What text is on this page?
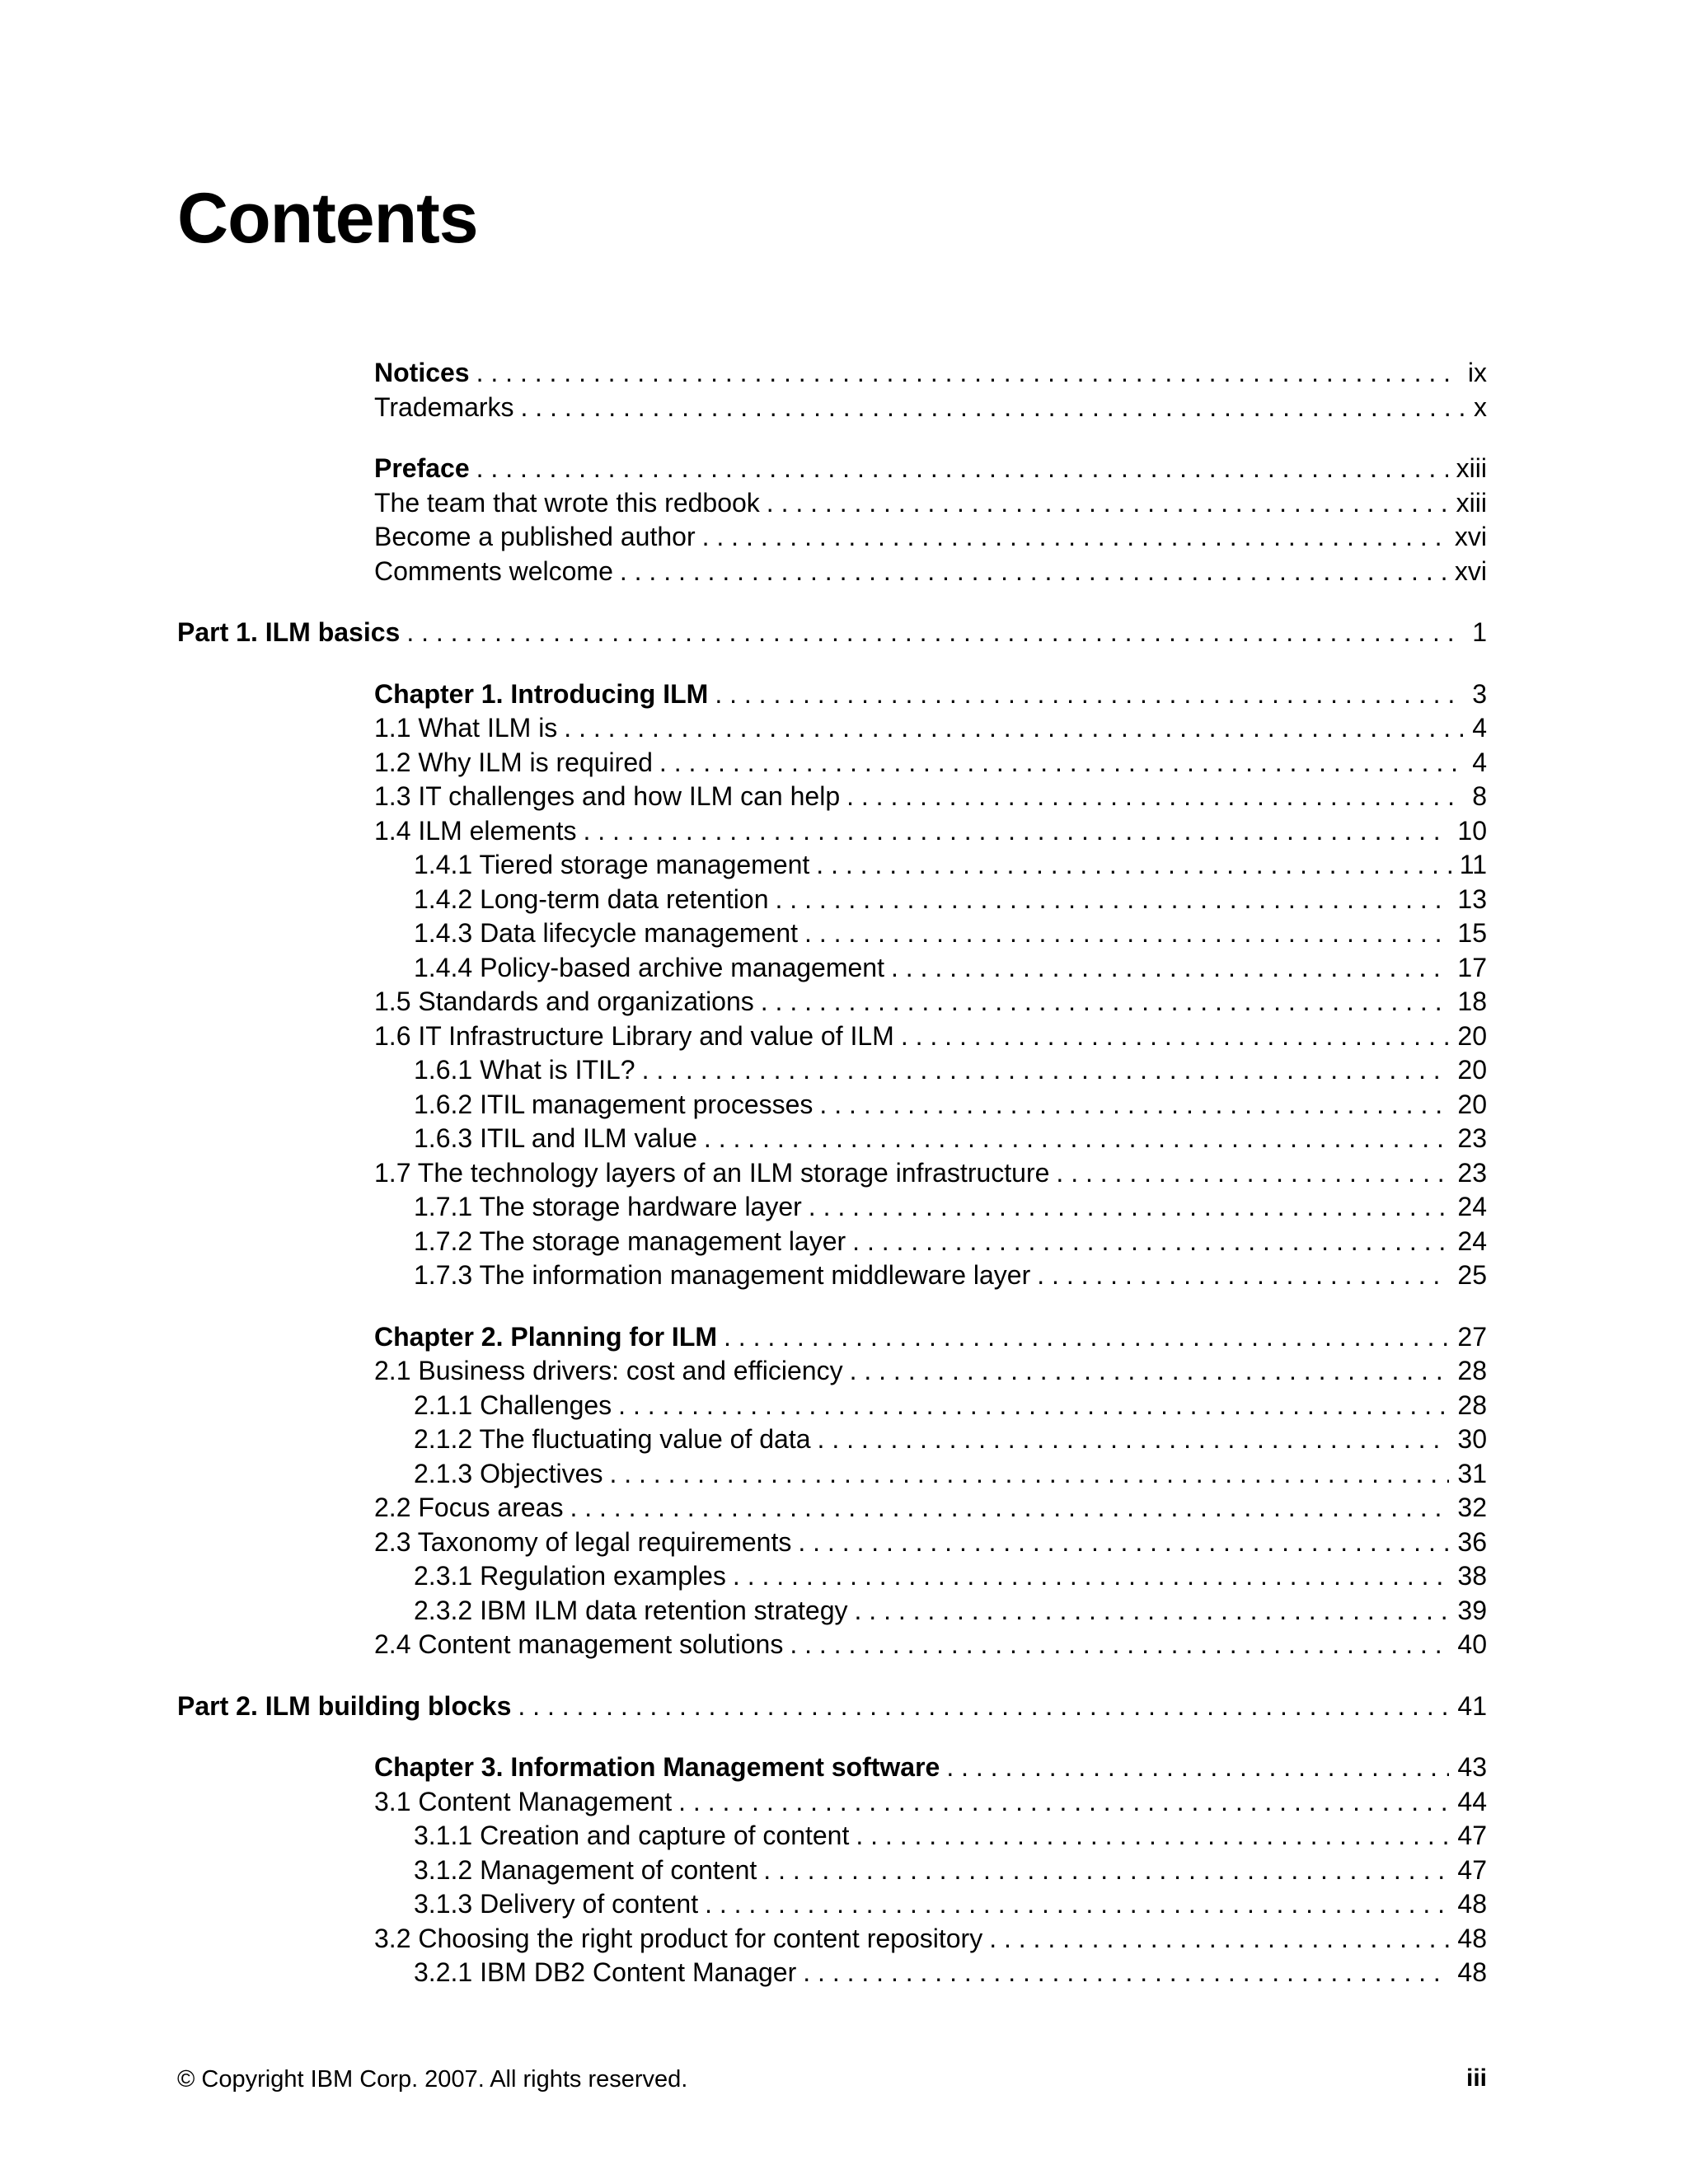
Contents
Notices . . .	ix
Trademarks . . .	x
Preface . . .	xiii
The team that wrote this redbook . . .	xiii
Become a published author . . .	xvi
Comments welcome . . .	xvi
Part 1. ILM basics . . .	1
Chapter 1. Introducing ILM . . .	3
1.1 What ILM is . . .	4
1.2 Why ILM is required . . .	4
1.3 IT challenges and how ILM can help . . .	8
1.4 ILM elements . . .	10
1.4.1 Tiered storage management . . .	11
1.4.2 Long-term data retention . . .	13
1.4.3 Data lifecycle management . . .	15
1.4.4 Policy-based archive management . . .	17
1.5 Standards and organizations . . .	18
1.6 IT Infrastructure Library and value of ILM . . .	20
1.6.1 What is ITIL? . . .	20
1.6.2 ITIL management processes . . .	20
1.6.3 ITIL and ILM value . . .	23
1.7 The technology layers of an ILM storage infrastructure . . .	23
1.7.1 The storage hardware layer . . .	24
1.7.2 The storage management layer . . .	24
1.7.3 The information management middleware layer . . .	25
Chapter 2. Planning for ILM . . .	27
2.1 Business drivers: cost and efficiency . . .	28
2.1.1 Challenges . . .	28
2.1.2 The fluctuating value of data . . .	30
2.1.3 Objectives . . .	31
2.2 Focus areas . . .	32
2.3 Taxonomy of legal requirements . . .	36
2.3.1 Regulation examples . . .	38
2.3.2 IBM ILM data retention strategy . . .	39
2.4 Content management solutions . . .	40
Part 2. ILM building blocks . . .	41
Chapter 3. Information Management software . . .	43
3.1 Content Management . . .	44
3.1.1 Creation and capture of content . . .	47
3.1.2 Management of content . . .	47
3.1.3 Delivery of content . . .	48
3.2 Choosing the right product for content repository . . .	48
3.2.1 IBM DB2 Content Manager . . .	48
© Copyright IBM Corp. 2007. All rights reserved.	iii
